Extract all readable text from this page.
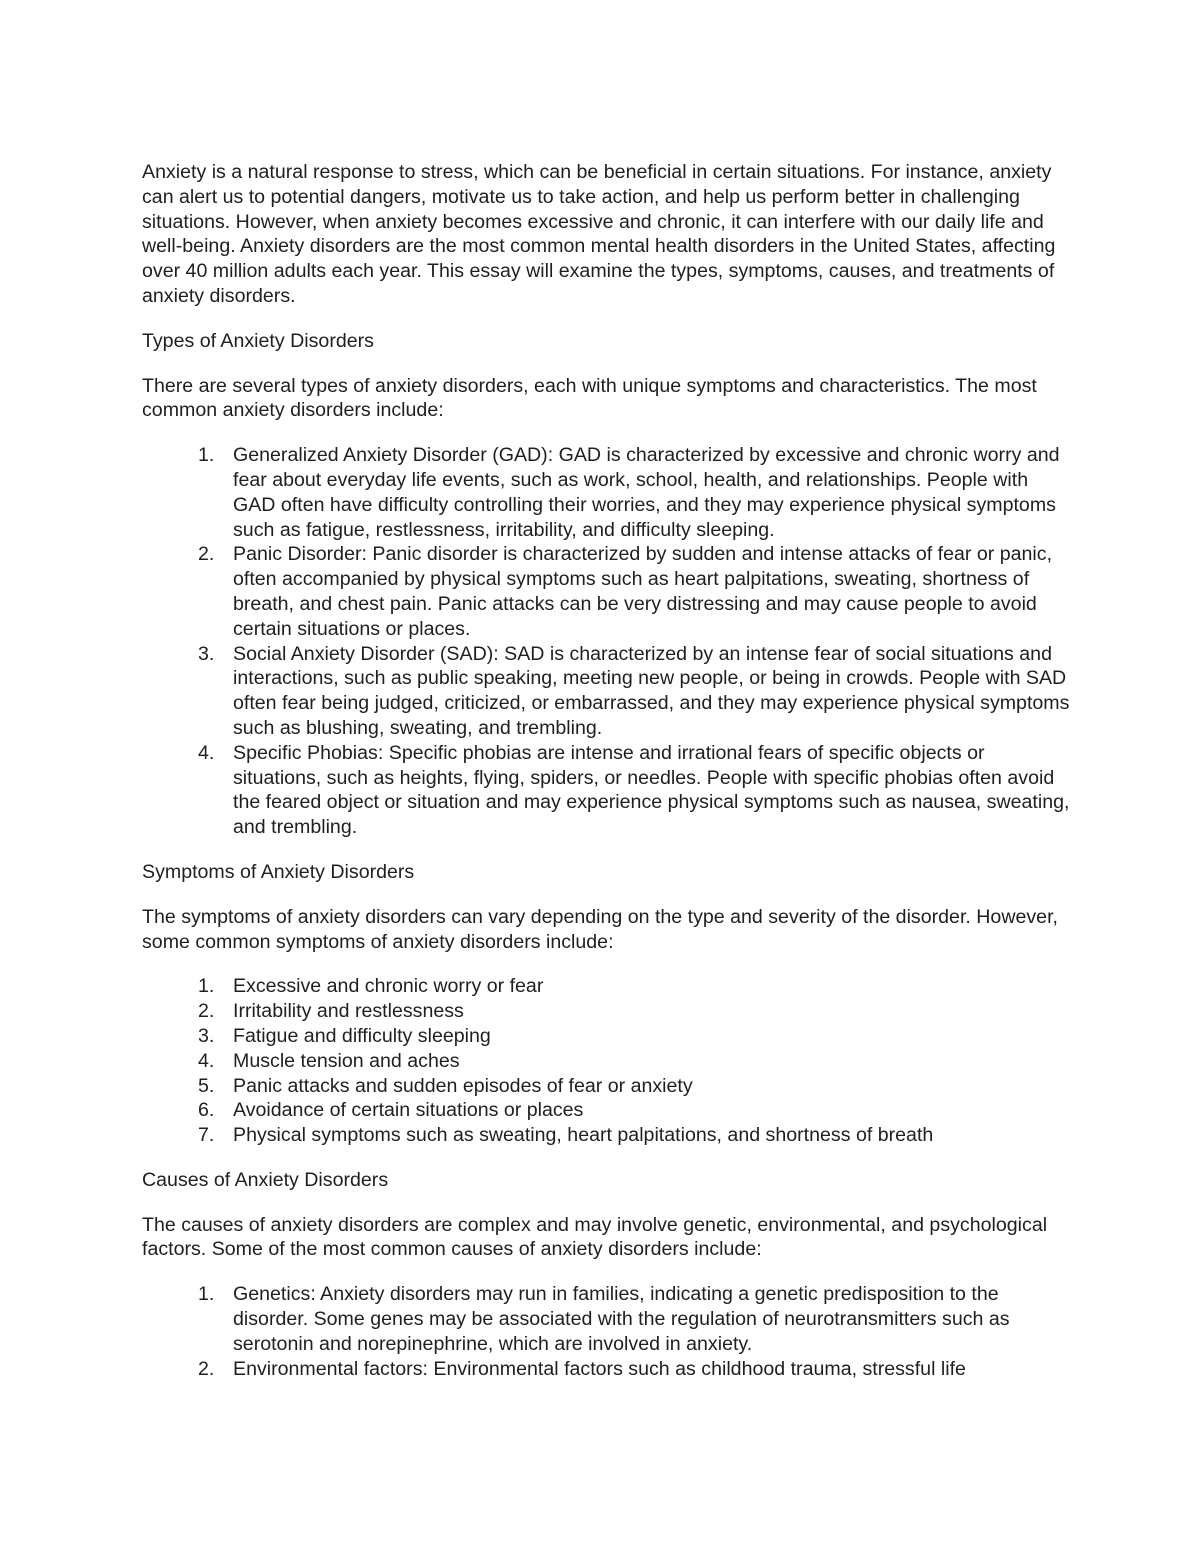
Anxiety is a natural response to stress, which can be beneficial in certain situations. For instance, anxiety can alert us to potential dangers, motivate us to take action, and help us perform better in challenging situations. However, when anxiety becomes excessive and chronic, it can interfere with our daily life and well-being. Anxiety disorders are the most common mental health disorders in the United States, affecting over 40 million adults each year. This essay will examine the types, symptoms, causes, and treatments of anxiety disorders.

Types of Anxiety Disorders

There are several types of anxiety disorders, each with unique symptoms and characteristics. The most common anxiety disorders include:

1. Generalized Anxiety Disorder (GAD): GAD is characterized by excessive and chronic worry and fear about everyday life events, such as work, school, health, and relationships. People with GAD often have difficulty controlling their worries, and they may experience physical symptoms such as fatigue, restlessness, irritability, and difficulty sleeping.
2. Panic Disorder: Panic disorder is characterized by sudden and intense attacks of fear or panic, often accompanied by physical symptoms such as heart palpitations, sweating, shortness of breath, and chest pain. Panic attacks can be very distressing and may cause people to avoid certain situations or places.
3. Social Anxiety Disorder (SAD): SAD is characterized by an intense fear of social situations and interactions, such as public speaking, meeting new people, or being in crowds. People with SAD often fear being judged, criticized, or embarrassed, and they may experience physical symptoms such as blushing, sweating, and trembling.
4. Specific Phobias: Specific phobias are intense and irrational fears of specific objects or situations, such as heights, flying, spiders, or needles. People with specific phobias often avoid the feared object or situation and may experience physical symptoms such as nausea, sweating, and trembling.

Symptoms of Anxiety Disorders

The symptoms of anxiety disorders can vary depending on the type and severity of the disorder. However, some common symptoms of anxiety disorders include:

1. Excessive and chronic worry or fear
2. Irritability and restlessness
3. Fatigue and difficulty sleeping
4. Muscle tension and aches
5. Panic attacks and sudden episodes of fear or anxiety
6. Avoidance of certain situations or places
7. Physical symptoms such as sweating, heart palpitations, and shortness of breath

Causes of Anxiety Disorders

The causes of anxiety disorders are complex and may involve genetic, environmental, and psychological factors. Some of the most common causes of anxiety disorders include:

1. Genetics: Anxiety disorders may run in families, indicating a genetic predisposition to the disorder. Some genes may be associated with the regulation of neurotransmitters such as serotonin and norepinephrine, which are involved in anxiety.
2. Environmental factors: Environmental factors such as childhood trauma, stressful life
